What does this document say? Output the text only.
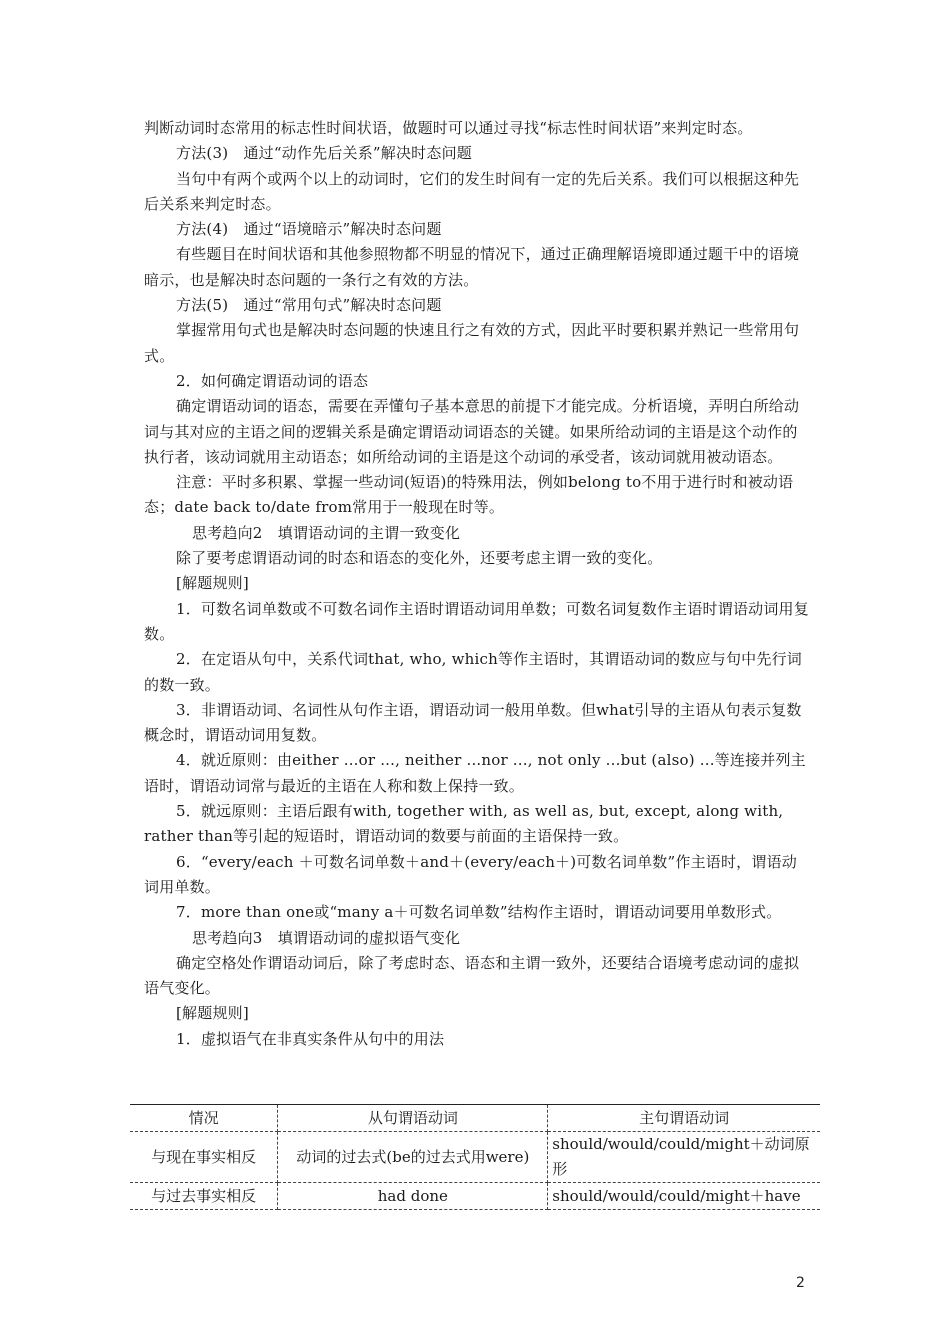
判断动词时态常用的标志性时间状语，做题时可以通过寻找“标志性时间状语”来判定时态。

方法(3)　通过“动作先后关系”解决时态问题

当句中有两个或两个以上的动词时，它们的发生时间有一定的先后关系。我们可以根据这种先后关系来判定时态。

方法(4)　通过“语境暗示”解决时态问题

有些题目在时间状语和其他参照物都不明显的情况下，通过正确理解语境即通过题干中的语境暗示，也是解决时态问题的一条行之有效的方法。

方法(5)　通过“常用句式”解决时态问题

掌握常用句式也是解决时态问题的快速且行之有效的方式，因此平时要积累并熟记一些常用句式。

2．如何确定谓语动词的语态

确定谓语动词的语态，需要在弄懂句子基本意思的前提下才能完成。分析语境，弄明白所给动词与其对应的主语之间的逻辑关系是确定谓语动词语态的关键。如果所给动词的主语是这个动作的执行者，该动词就用主动语态；如所给动词的主语是这个动词的承受者，该动词就用被动语态。

注意：平时多积累、掌握一些动词(短语)的特殊用法，例如belong to不用于进行时和被动语态；date back to/date from常用于一般现在时等。

思考趋向2　填谓语动词的主谓一致变化

除了要考虑谓语动词的时态和语态的变化外，还要考虑主谓一致的变化。

[解题规则]

1．可数名词单数或不可数名词作主语时谓语动词用单数；可数名词复数作主语时谓语动词用复数。

2．在定语从句中，关系代词that, who, which等作主语时，其谓语动词的数应与句中先行词的数一致。

3．非谓语动词、名词性从句作主语，谓语动词一般用单数。但what引导的主语从句表示复数概念时，谓语动词用复数。

4．就近原则：由either ...or ..., neither ...nor ..., not only ...but (also) ...等连接并列主语时，谓语动词常与最近的主语在人称和数上保持一致。

5．就远原则：主语后跟有with, together with, as well as, but, except, along with, rather than等引起的短语时，谓语动词的数要与前面的主语保持一致。

6．“every/each ＋可数名词单数＋and＋(every/each＋)可数名词单数”作主语时，谓语动词用单数。

7．more than one或“many a＋可数名词单数”结构作主语时，谓语动词要用单数形式。

思考趋向3　填谓语动词的虚拟语气变化

确定空格处作谓语动词后，除了考虑时态、语态和主谓一致外，还要结合语境考虑动词的虚拟语气变化。

[解题规则]

1．虚拟语气在非真实条件从句中的用法

情况	从句谓语动词	主句谓语动词
与现在事实相反	动词的过去式(be的过去式用were)	should/would/could/might＋动词原形
与过去事实相反	had done	should/would/could/might＋have
2
